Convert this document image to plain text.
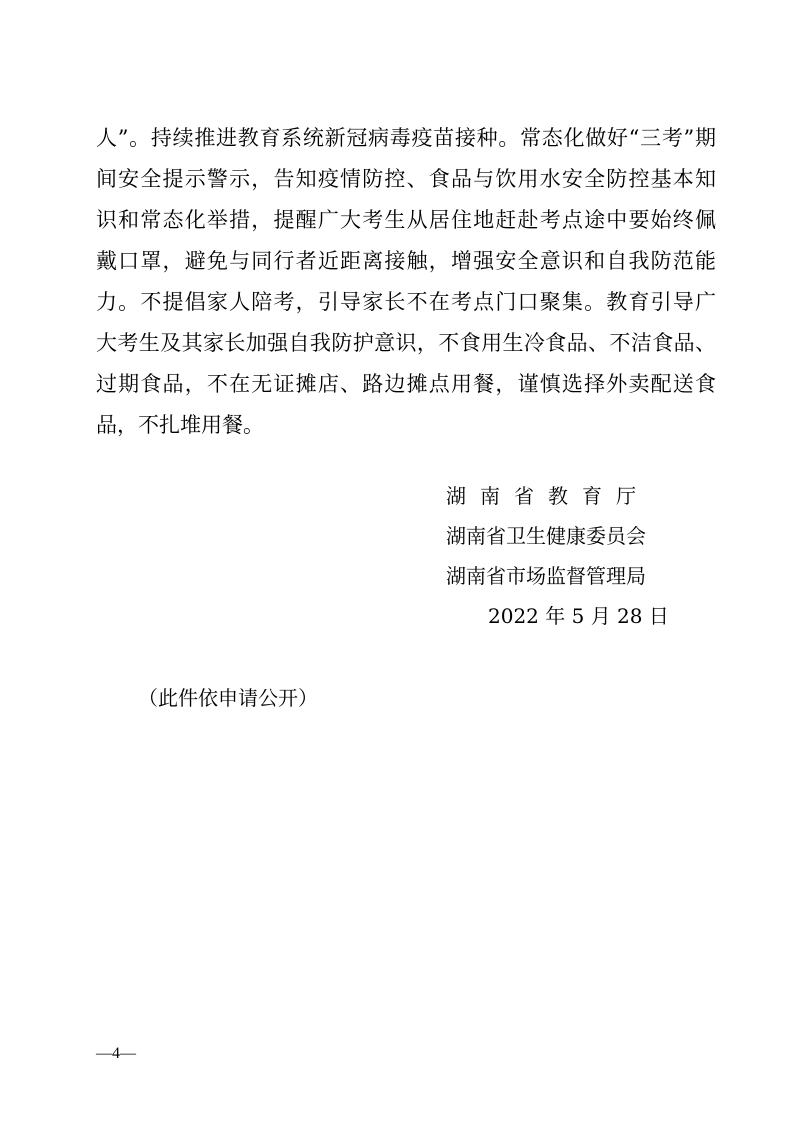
人”。持续推进教育系统新冠病毒疫苗接种。常态化做好“三考”期
间安全提示警示，告知疫情防控、食品与饮用水安全防控基本知
识和常态化举措，提醒广大考生从居住地赶赴考点途中要始终佩
戴口罩，避免与同行者近距离接触，增强安全意识和自我防范能
力。不提倡家人陪考，引导家长不在考点门口聚集。教育引导广
大考生及其家长加强自我防护意识，不食用生冷食品、不洁食品、
过期食品，不在无证摊店、路边摊点用餐，谨慎选择外卖配送食
品，不扎堆用餐。
湖南省教育厅
湖南省卫生健康委员会
湖南省市场监督管理局
2022 年 5 月 28 日
（此件依申请公开）
—4—
